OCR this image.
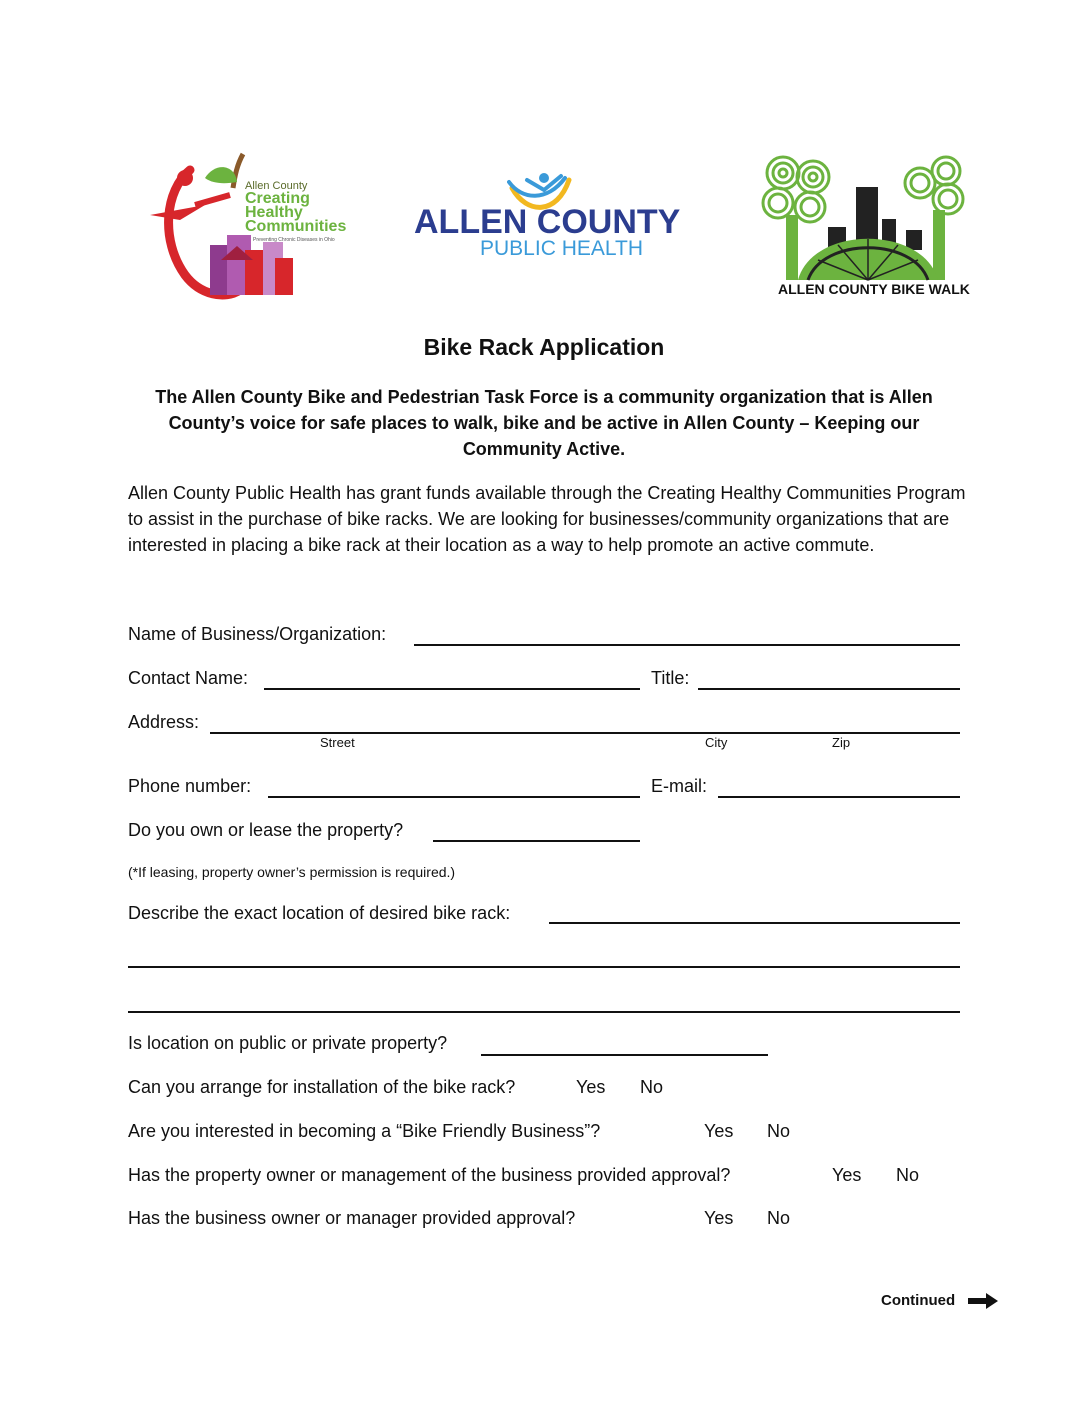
Allen County
Creating
Healthy
Communities
Preventing Chronic Diseases in Ohio ALLEN COUNTY
PUBLIC HEALTH
ALLEN COUNTY BIKE WALK
Bike Rack Application
The Allen County Bike and Pedestrian Task Force is a community organization that is Allen County’s voice for safe places to walk, bike and be active in Allen County – Keeping our Community Active.
Allen County Public Health has grant funds available through the Creating Healthy Communities Program to assist in the purchase of bike racks. We are looking for businesses/community organizations that are interested in placing a bike rack at their location as a way to help promote an active commute.
Name of Business/Organization:
Contact Name:	Title:
Address:
Street	City	Zip
Phone number:	E-mail:
Do you own or lease the property?
(*If leasing, property owner’s permission is required.)
Describe the exact location of desired bike rack:
Is location on public or private property?
Can you arrange for installation of the bike rack?	Yes No
Are you interested in becoming a “Bike Friendly Business”?	Yes No
Has the property owner or management of the business provided approval?	Yes No
Has the business owner or manager provided approval?	Yes No
Continued
